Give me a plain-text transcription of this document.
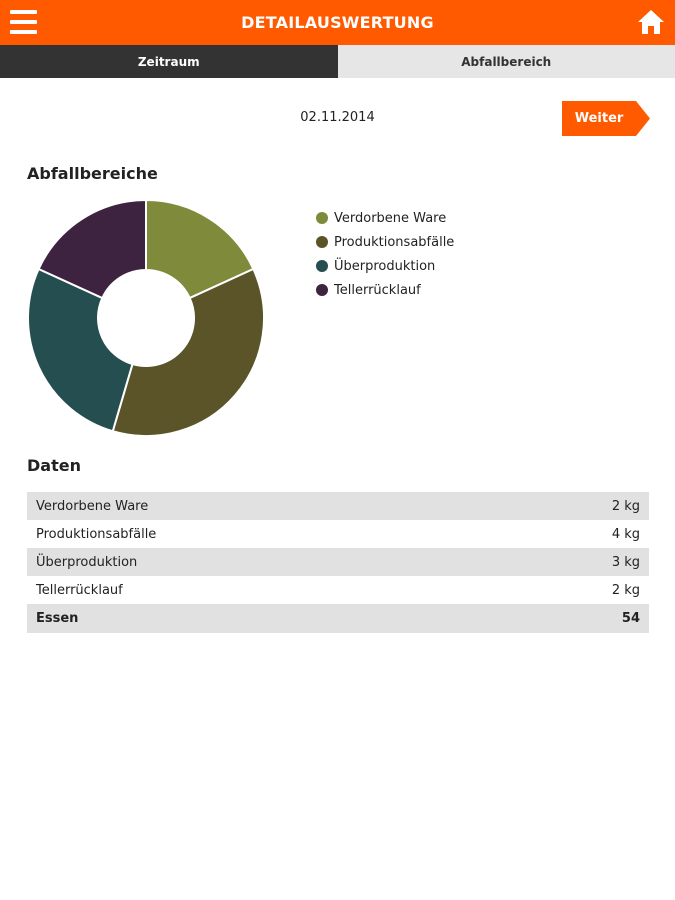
DETAILAUSWERTUNG
Zeitraum	Abfallbereich
02.11.2014	Weiter
Abfallbereiche
Verdorbene Ware
Produktionsabfälle
Überproduktion
Tellerrücklauf
Daten
Verdorbene Ware	2 kg
Produktionsabfälle	4 kg
Überproduktion	3 kg
Tellerrücklauf	2 kg
Essen	54
